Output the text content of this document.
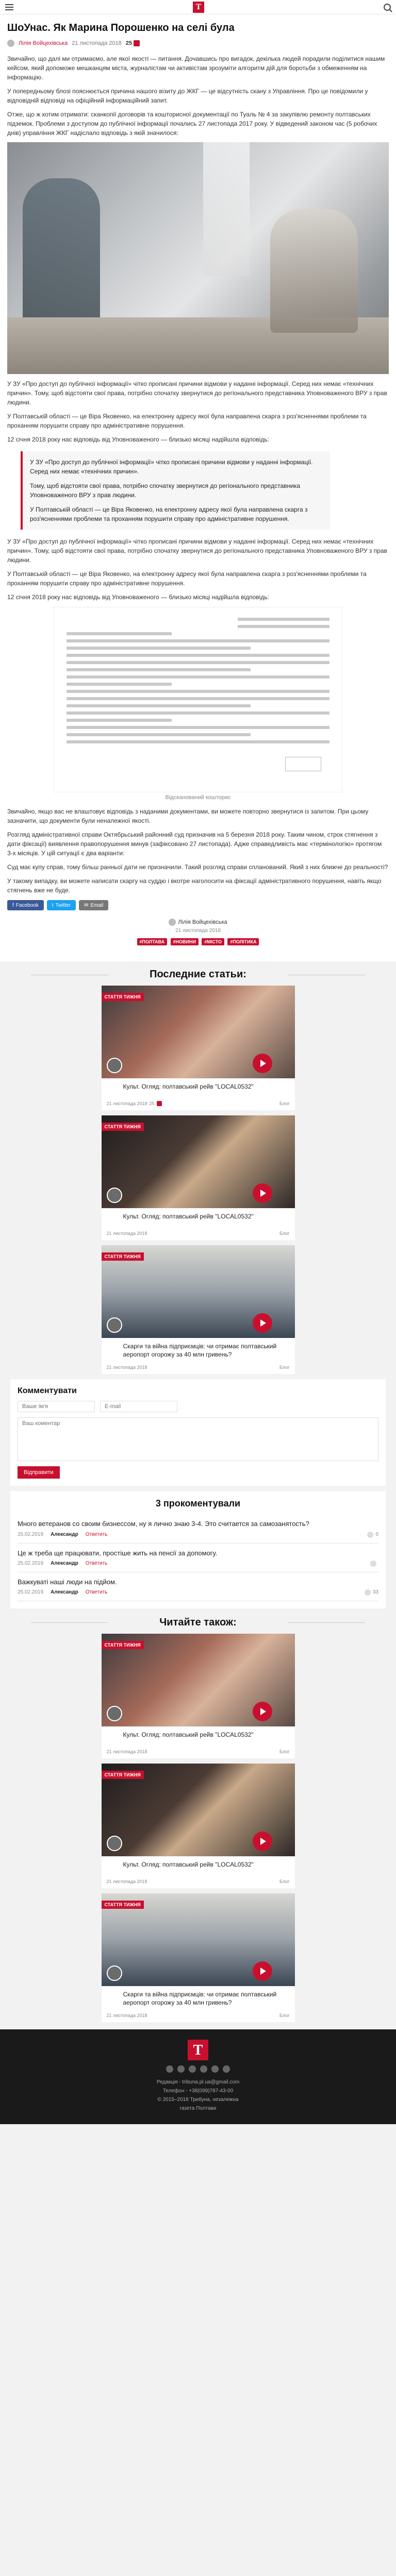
T
ШоУнас. Як Марина Порошенко на селі була
Лілія Войцехівська 21 листопада 2018 25

Звичайно, що далі ми отримаємо, але якої якості — питання. Дочавшись про вигадок, декілька людей порадили поділитися нашим кейсом, який допоможе мешканцям міста, журналістам чи активістам зрозуміти алгоритм дій для боротьби з обмеженням на інформацію.

У попередньому блозі пояснюється причина нашого візиту до ЖКГ — це відсутність скану з Управління. Про це повідомили у відповідній відповіді на офіційний інформаційний запит.

Отже, що ж котим отримати: сканкопії договорів та кошторисної документації по Туаль № 4 за закупівлю ремонту полтавських підземок. Проблеми з доступом до публічної інформації почались 27 листопада 2017 року. У відведений законом час (5 робочих днів) управління ЖКГ надіслало відповідь з якій значилося:

У ЗУ «Про доступ до публічної інформації» чітко прописані причини відмови у наданні інформації. Серед них немає «технічних причин». Тому, щоб відстояти свої права, потрібно спочатку звернутися до регіонального представника Уповноваженого ВРУ з прав людини.

У Полтавській області — це Віра Яковенко, на електронну адресу якої була направлена скарга з роз'ясненнями проблеми та проханням порушити справу про адміністративне порушення.

12 січня 2018 року нас відповідь від Уповноваженого — близько місяці надійшла відповідь:

У ЗУ «Про доступ до публічної інформації» чітко прописані причини відмови у наданні інформації. Серед них немає «технічних причин».

Тому, щоб відстояти свої права, потрібно спочатку звернутися до регіонального представника Уповноваженого ВРУ з прав людини.

У Полтавській області — це Віра Яковенко, на електронну адресу якої була направлена скарга з роз'ясненнями проблеми та проханням порушити справу про адміністративне порушення.

У ЗУ «Про доступ до публічної інформації» чітко прописані причини відмови у наданні інформації. Серед них немає «технічних причин». Тому, щоб відстояти свої права, потрібно спочатку звернутися до регіонального представника Уповноваженого ВРУ з прав людини.

У Полтавській області — це Віра Яковенко, на електронну адресу якої була направлена скарга з роз'ясненнями проблеми та проханням порушити справу про адміністративне порушення.

12 січня 2018 року нас відповідь від Уповноваженого — близько місяці надійшла відповідь:

Відсканований кошторис

Звичайно, якщо вас не влаштовує відповідь з наданими документами, ви можете повторно звернутися із запитом. При цьому зазначити, що документи були неналежної якості.

Розгляд адміністративної справи Октябрьський районний суд призначив на 5 березня 2018 року. Таким чином, строк стягнення з дати фіксації) виявлення правопорушення минув (зафіксовано 27 листопада). Адже справедливість має «термінологію» протягом 3-х місяців. У цій ситуації є два варіанти:

Суд має купу справ, тому більш ранньої дати не призначили. Такий розгляд справи спланований. Який з них ближче до реальності?

У такому випадку, ви можете написати скаргу на суддю і вкотре наголосити на фіксації адміністративного порушення, навіть якщо стягнень вже не буде.

f Facebook	t Twitter	✉ Email
Лілія Войцехівська
21 листопада 2018
#ПОЛТАВА #НОВИНИ #МІСТО #ПОЛІТИКА
Последние статьи:
СТАТТЯ ТИЖНЯ
Культ. Огляд: полтавський рейв "LOCAL0532"
21 листопада 2018 25	Блог
СТАТТЯ ТИЖНЯ
Культ. Огляд: полтавський рейв "LOCAL0532"
21 листопада 2018	Блог
СТАТТЯ ТИЖНЯ
Скарги та війна підприємців: чи отримає полтавський аеропорт огорожу за 40 млн гривень?
21 листопада 2018	Блог
Комментувати
Ваше Ім'я
E-mail
Ваш коментар Відправити
3 прокоментували
Много ветеранов со своим бизнессом, ну я лично знаю 3-4. Это считается за самозанятость?
25.02.2019 Александр Ответить	0
Це ж треба ще працювати, простіше жить на пенсії за допомогу.
25.02.2019 Александр Ответить
Важкуваті наші люди на підйом.
25.02.2019 Александр Ответить	33
Читайте також:
СТАТТЯ ТИЖНЯ
Культ. Огляд: полтавський рейв "LOCAL0532"
21 листопада 2018	Блог
СТАТТЯ ТИЖНЯ
Культ. Огляд: полтавський рейв "LOCAL0532"
21 листопада 2018	Блог
СТАТТЯ ТИЖНЯ
Скарги та війна підприємців: чи отримає полтавський аеропорт огорожу за 40 млн гривень?
21 листопада 2018	Блог
T
Редакція - tribuna.pl.ua@gmail.com
Телефон - +38(099)787-43-00
© 2015–2018 Трибуна, незалежна
газета Полтави
